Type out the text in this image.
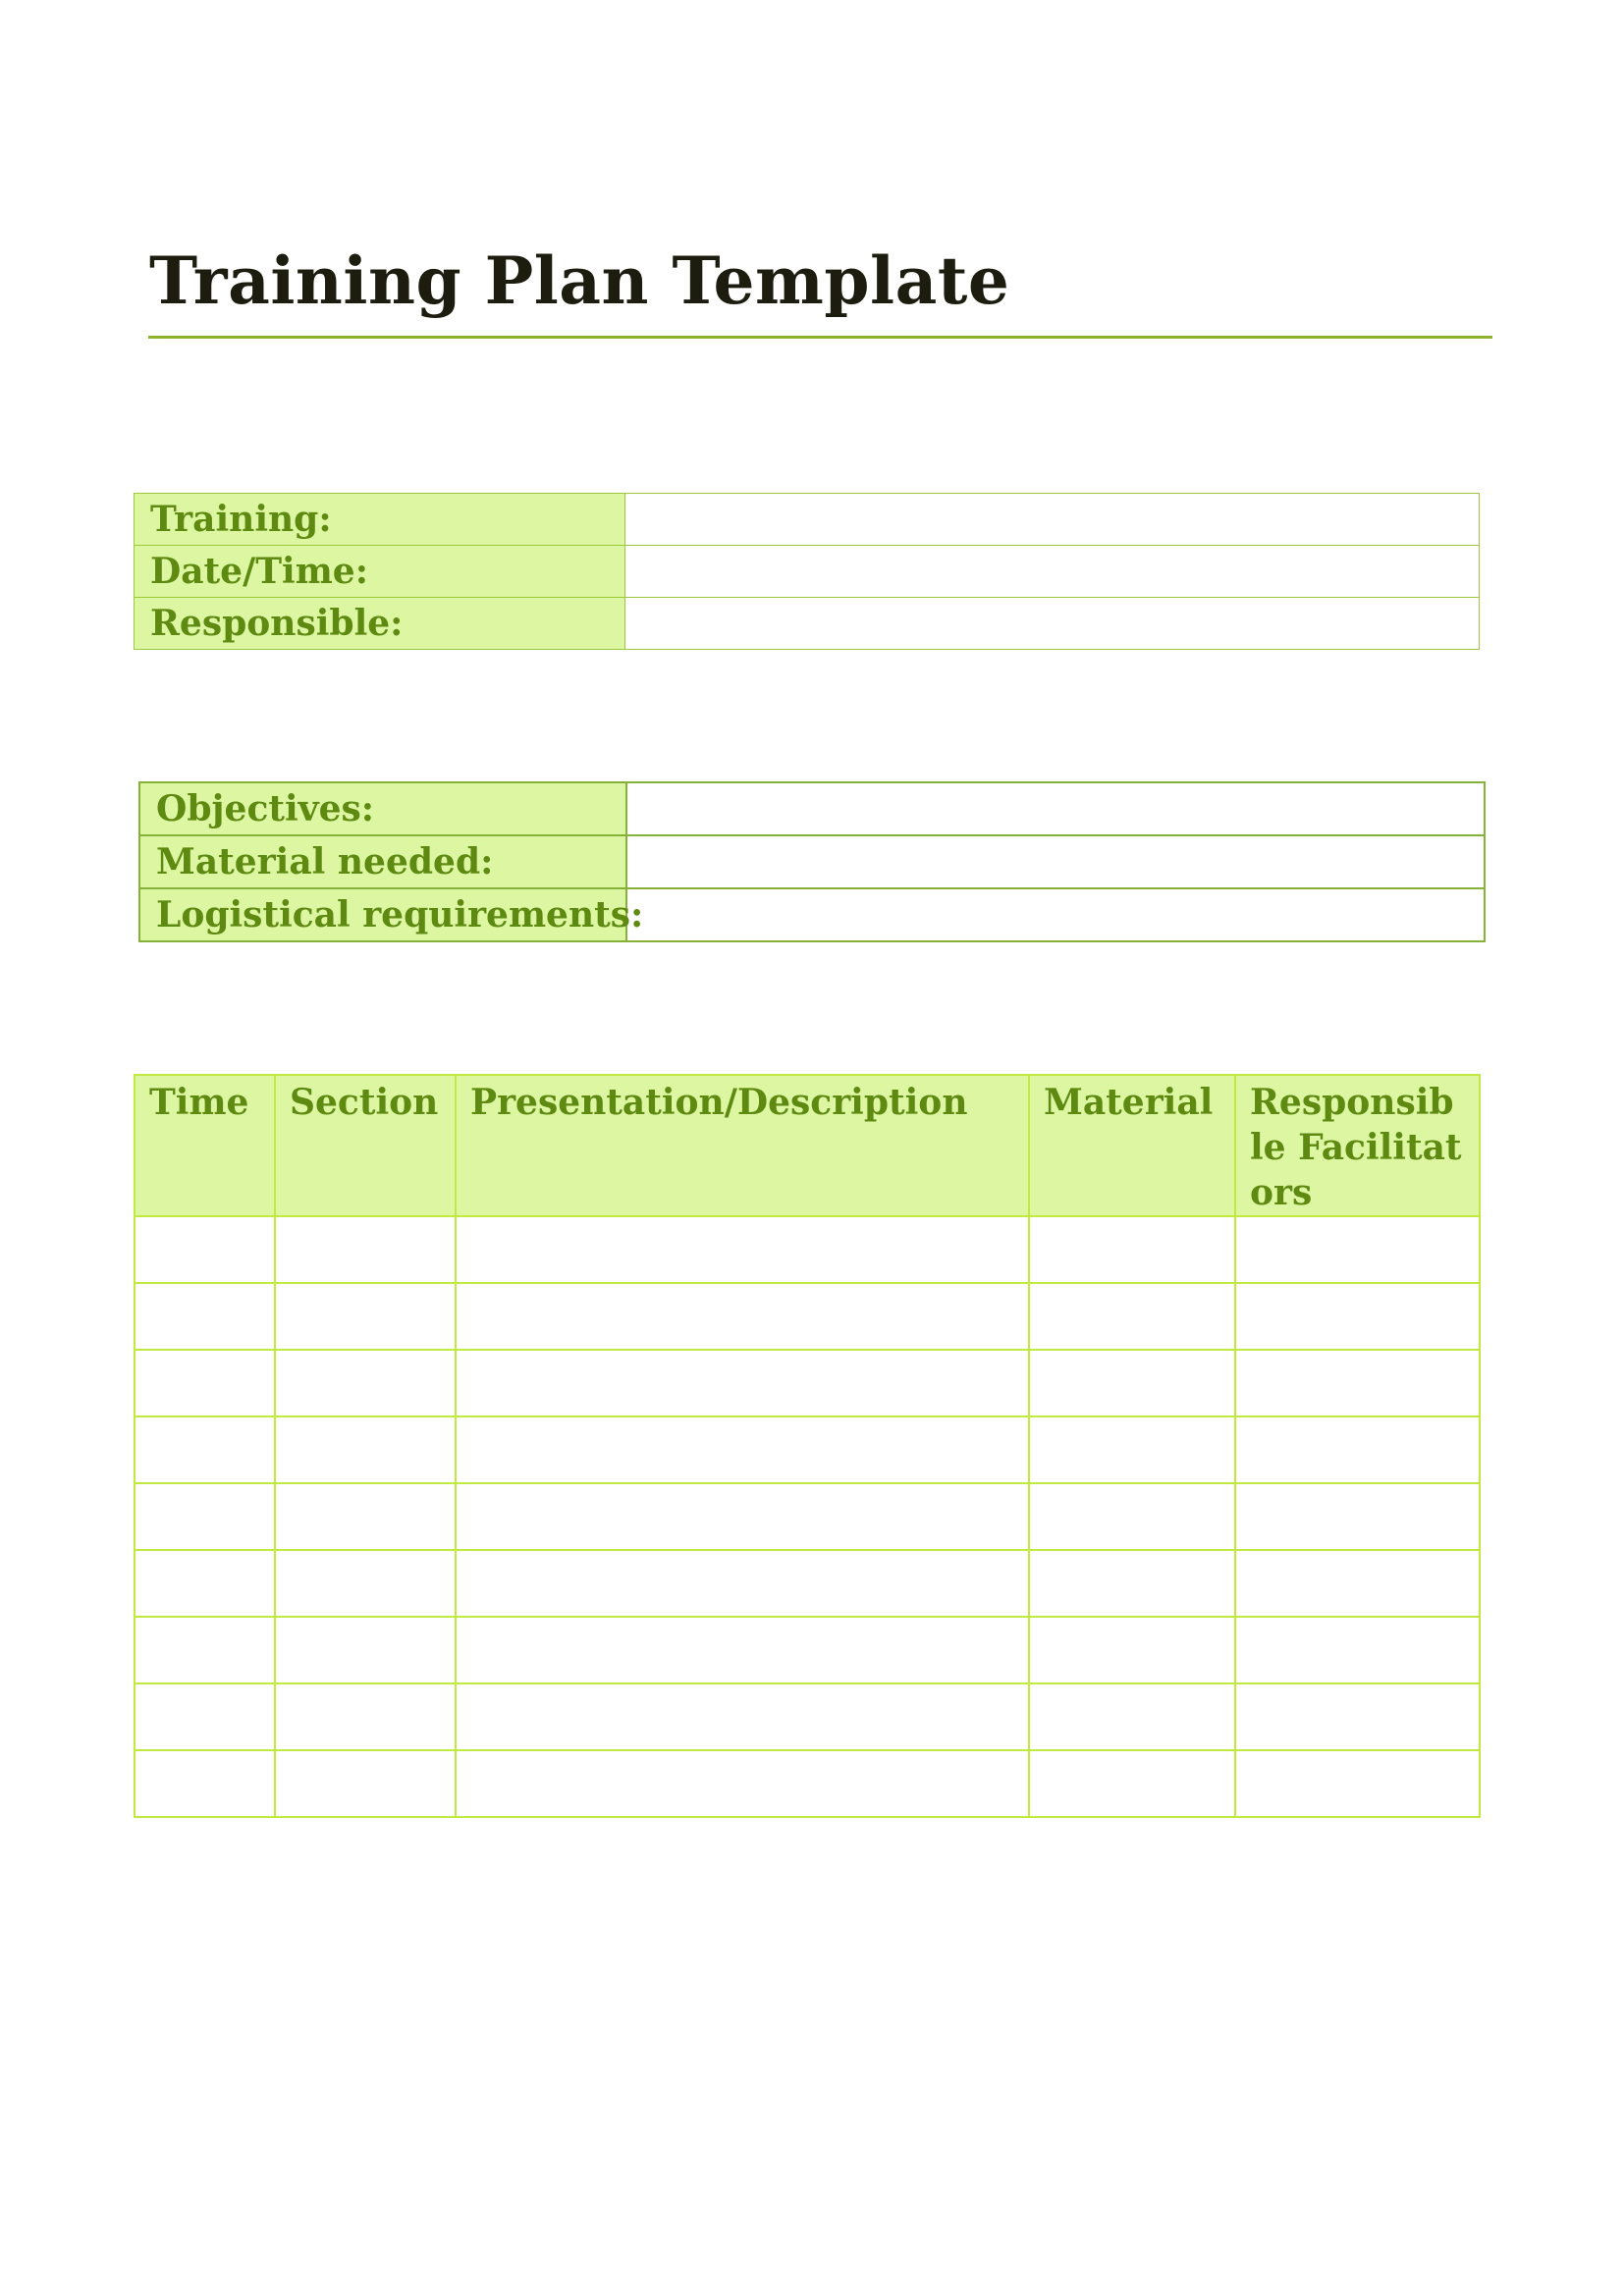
Training Plan Template
Training:	
Date/Time:	
Responsible:	
Objectives:	
Material needed:	
Logistical requirements:	
Time	Section	Presentation/Description	Material	Responsible Facilitators
